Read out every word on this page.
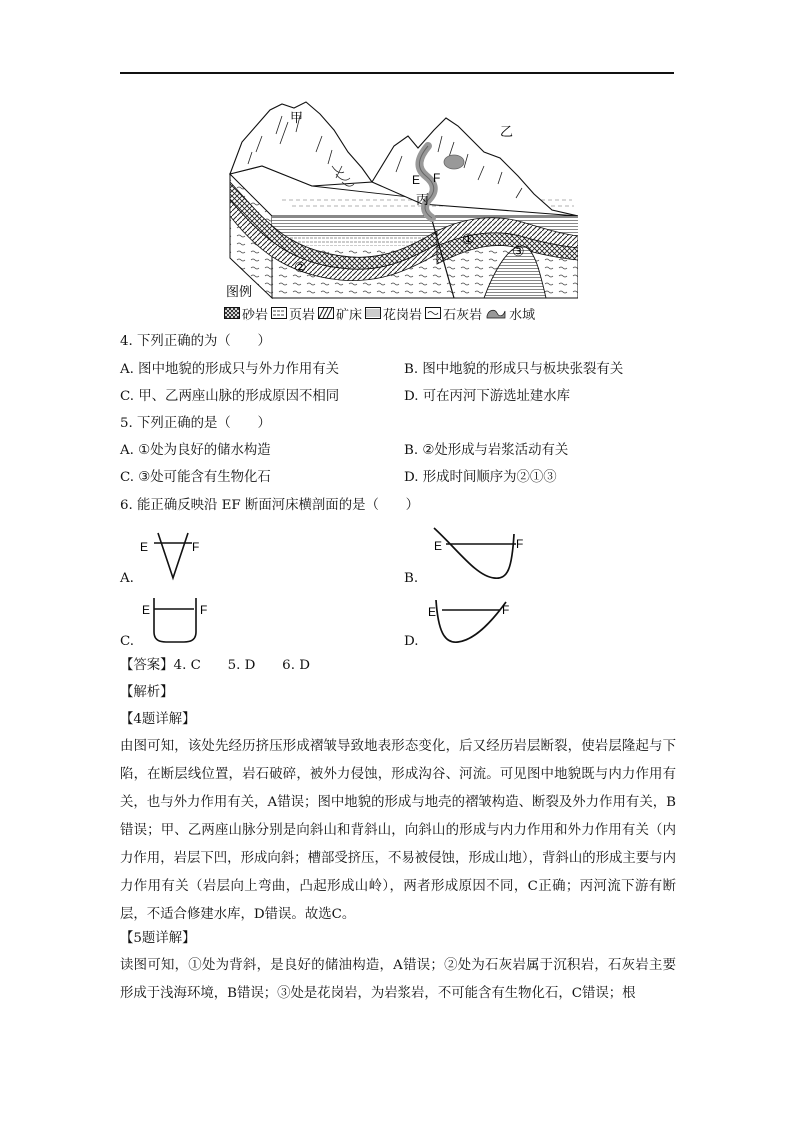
甲
乙
E F
丙
①
②
③
图例
砂岩 页岩 矿床 花岗岩 石灰岩 水域
4. 下列正确的为（　　）
A. 图中地貌的形成只与外力作用有关	B. 图中地貌的形成只与板块张裂有关
C. 甲、乙两座山脉的形成原因不相同	D. 可在丙河下游选址建水库
5. 下列正确的是（　　）
A. ①处为良好的储水构造	B. ②处形成与岩浆活动有关
C. ③处可能含有生物化石	D. 形成时间顺序为②①③
6. 能正确反映沿 EF 断面河床横剖面的是（　　）
A.
E	F
B.
E	F
C.
E	F
D.
E	F
【答案】4. C　　5. D　　6. D
【解析】
【4题详解】
由图可知，该处先经历挤压形成褶皱导致地表形态变化，后又经历岩层断裂，使岩层隆起与下陷，在断层线位置，岩石破碎，被外力侵蚀，形成沟谷、河流。可见图中地貌既与内力作用有关，也与外力作用有关，A错误；图中地貌的形成与地壳的褶皱构造、断裂及外力作用有关，B错误；甲、乙两座山脉分别是向斜山和背斜山，向斜山的形成与内力作用和外力作用有关（内力作用，岩层下凹，形成向斜；槽部受挤压，不易被侵蚀，形成山地），背斜山的形成主要与内力作用有关（岩层向上弯曲，凸起形成山岭），两者形成原因不同，C正确；丙河流下游有断层，不适合修建水库，D错误。故选C。
【5题详解】
读图可知，①处为背斜，是良好的储油构造，A错误；②处为石灰岩属于沉积岩，石灰岩主要形成于浅海环境，B错误；③处是花岗岩，为岩浆岩，不可能含有生物化石，C错误；根
